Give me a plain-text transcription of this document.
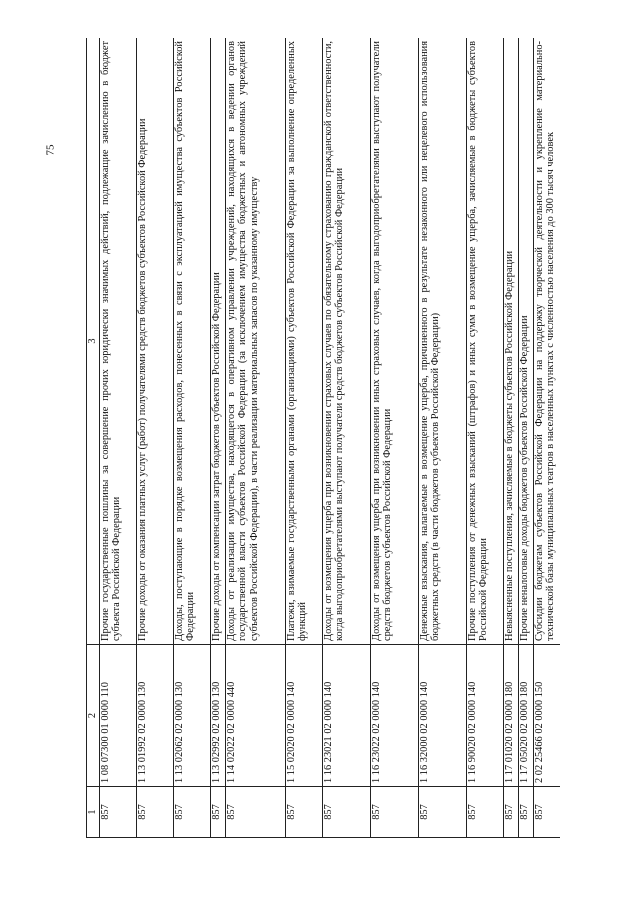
75
1	2	3
857	1 08 07300 01 0000 110	Прочие государственные пошлины за совершение прочих юридически значимых действий, подлежащие зачислению в бюджет субъекта Российской Федерации
857	1 13 01992 02 0000 130	Прочие доходы от оказания платных услуг (работ) получателями средств бюджетов субъектов Российской Федерации
857	1 13 02062 02 0000 130	Доходы, поступающие в порядке возмещения расходов, понесенных в связи с эксплуатацией имущества субъектов Российской Федерации
857	1 13 02992 02 0000 130	Прочие доходы от компенсации затрат бюджетов субъектов Российской Федерации
857	1 14 02022 02 0000 440	Доходы от реализации имущества, находящегося в оперативном управлении учреждений, находящихся в ведении органов государственной власти субъектов Российской Федерации (за исключением имущества бюджетных и автономных учреждений субъектов Российской Федерации), в части реализации материальных запасов по указанному имуществу
857	1 15 02020 02 0000 140	Платежи, взимаемые государственными органами (организациями) субъектов Российской Федерации за выполнение определенных функций
857	1 16 23021 02 0000 140	Доходы от возмещения ущерба при возникновении страховых случаев по обязательному страхованию гражданской ответственности, когда выгодоприобретателями выступают получатели средств бюджетов субъектов Российской Федерации
857	1 16 23022 02 0000 140	Доходы от возмещения ущерба при возникновении иных страховых случаев, когда выгодоприобретателями выступают получатели средств бюджетов субъектов Российской Федерации
857	1 16 32000 02 0000 140	Денежные взыскания, налагаемые в возмещение ущерба, причиненного в результате незаконного или нецелевого использования бюджетных средств (в части бюджетов субъектов Российской Федерации)
857	1 16 90020 02 0000 140	Прочие поступления от денежных взысканий (штрафов) и иных сумм в возмещение ущерба, зачисляемые в бюджеты субъектов Российской Федерации
857	1 17 01020 02 0000 180	Невыясненные поступления, зачисляемые в бюджеты субъектов Российской Федерации
857	1 17 05020 02 0000 180	Прочие неналоговые доходы бюджетов субъектов Российской Федерации
857	2 02 25466 02 0000 150	Субсидии бюджетам субъектов Российской Федерации на поддержку творческой деятельности и укрепление материально-технической базы муниципальных театров в населенных пунктах с численностью населения до 300 тысяч человек
